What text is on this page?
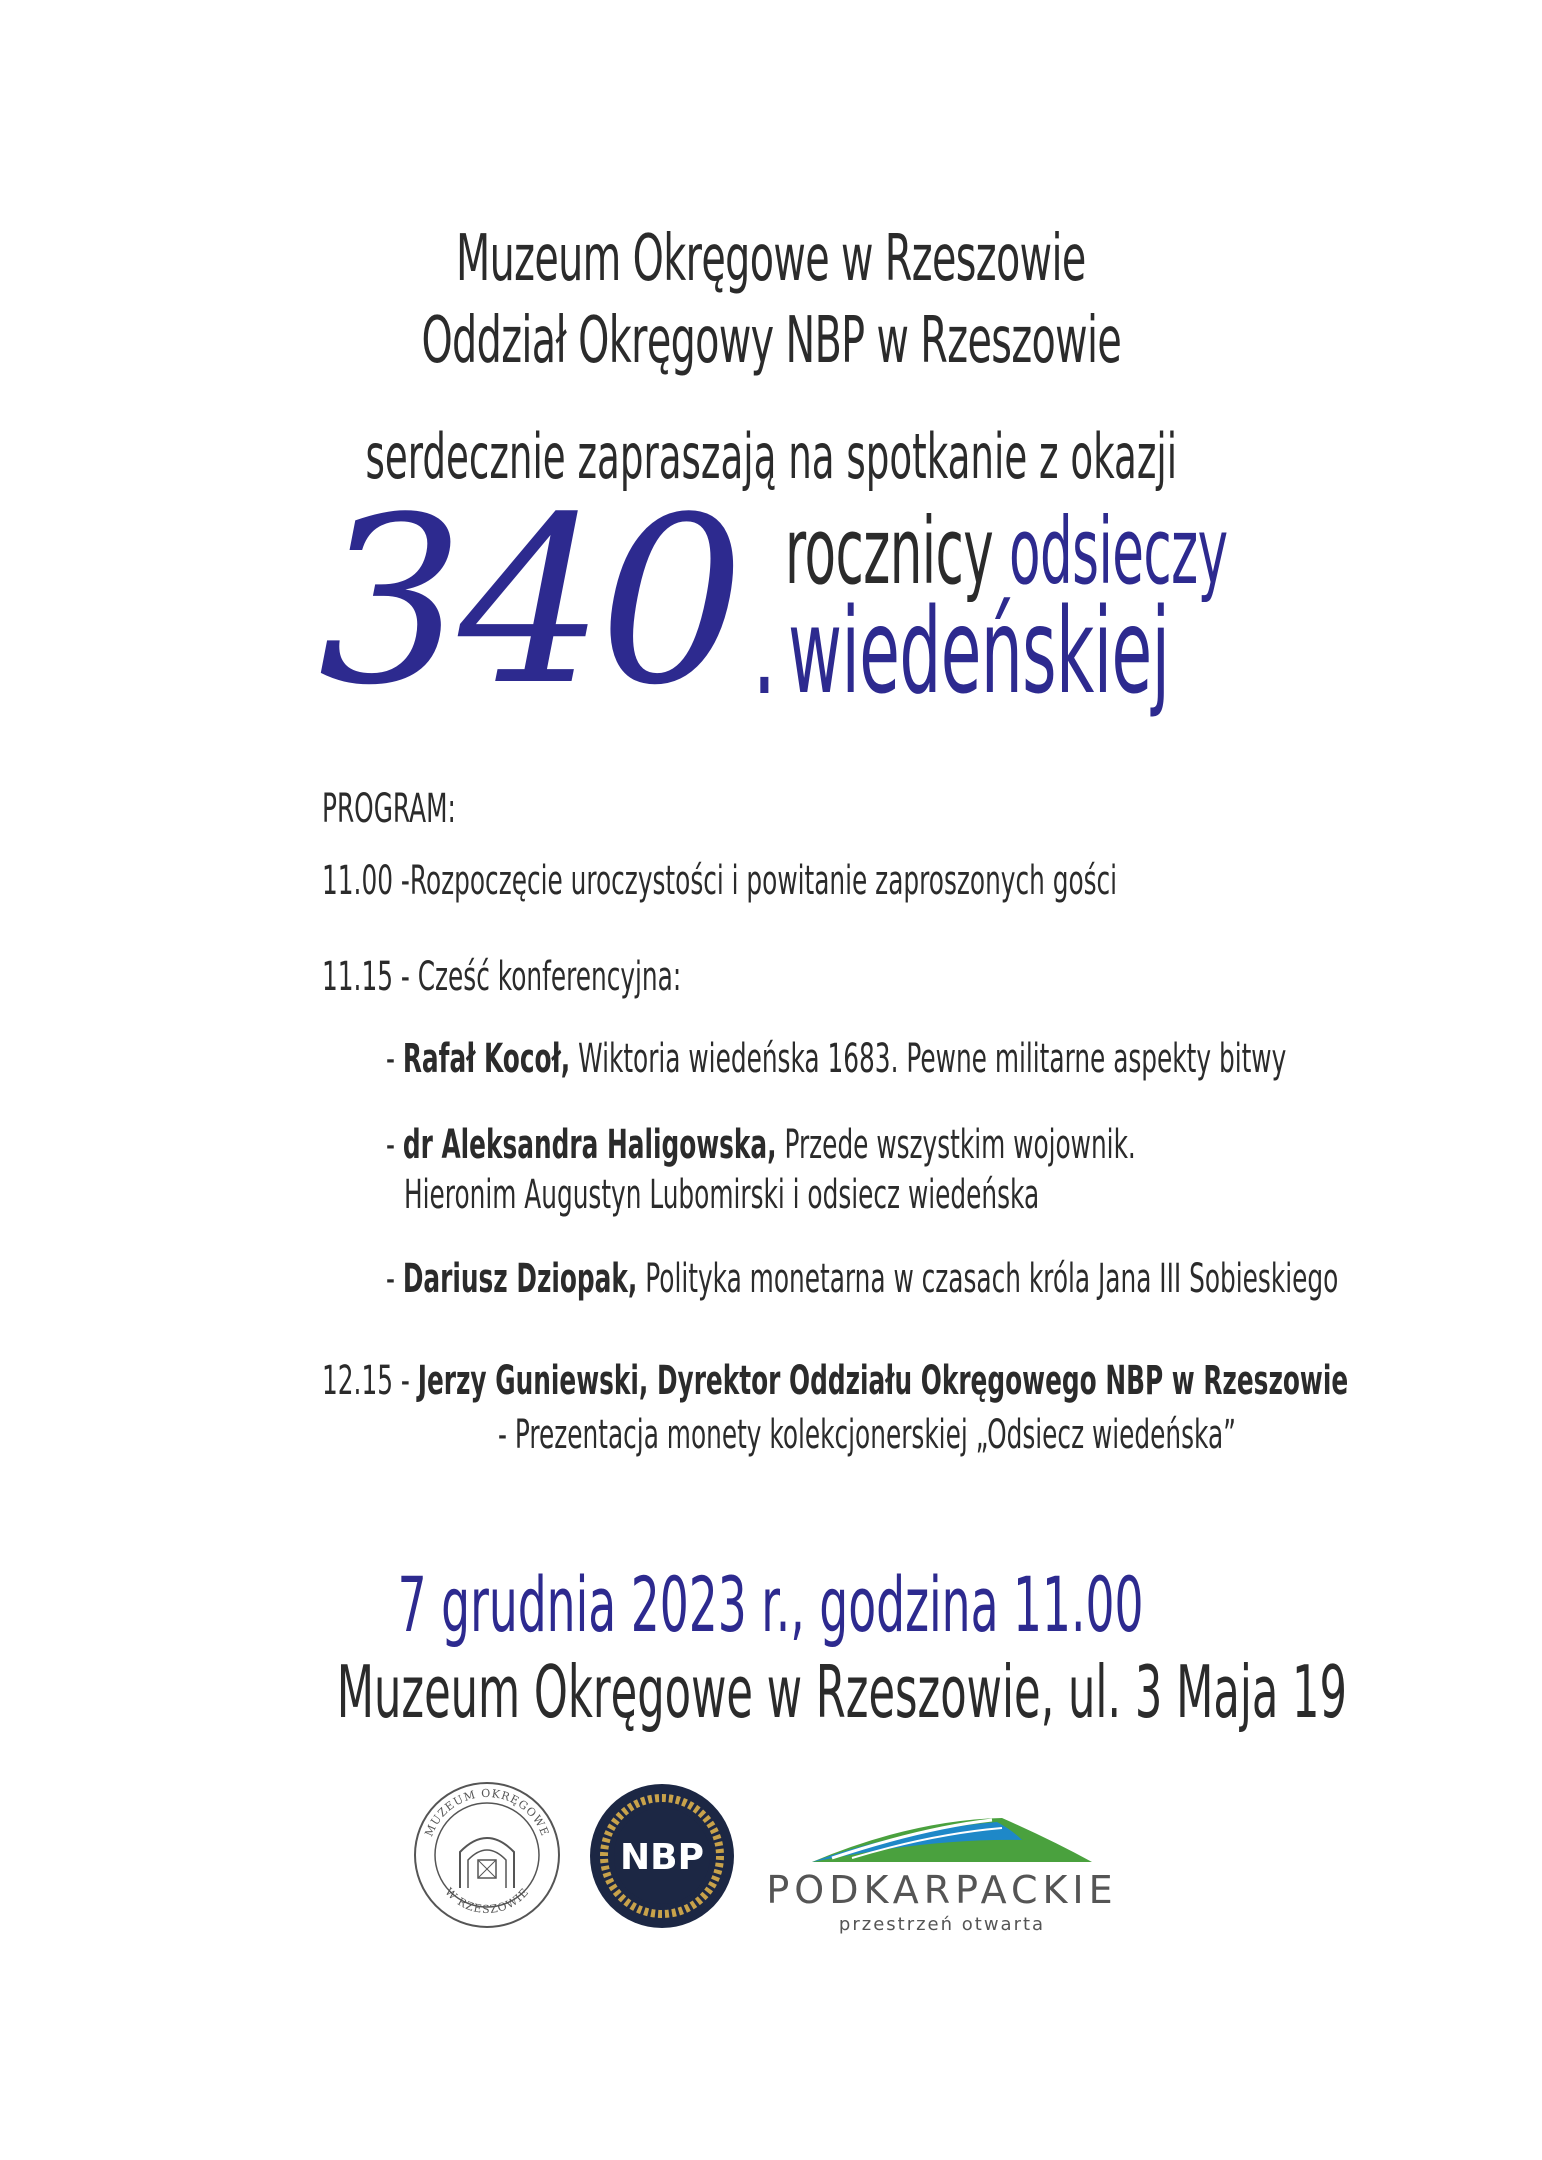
Muzeum Okręgowe w Rzeszowie
Oddział Okręgowy NBP w Rzeszowie
serdecznie zapraszają na spotkanie z okazji
340 .
rocznicy odsieczy
wiedeńskiej
PROGRAM:
11.00 -Rozpoczęcie uroczystości i powitanie zaproszonych gości
11.15 - Cześć konferencyjna:
- Rafał Kocoł, Wiktoria wiedeńska 1683. Pewne militarne aspekty bitwy
- dr Aleksandra Haligowska, Przede wszystkim wojownik.
Hieronim Augustyn Lubomirski i odsiecz wiedeńska
- Dariusz Dziopak, Polityka monetarna w czasach króla Jana III Sobieskiego
12.15 - Jerzy Guniewski, Dyrektor Oddziału Okręgowego NBP w Rzeszowie
- Prezentacja monety kolekcjonerskiej „Odsiecz wiedeńska”
7 grudnia 2023 r., godzina 11.00
Muzeum Okręgowe w Rzeszowie, ul. 3 Maja 19
MUZEUM OKRĘGOWE
W RZESZOWIE
NBP
PODKARPACKIE
przestrzeń otwarta
